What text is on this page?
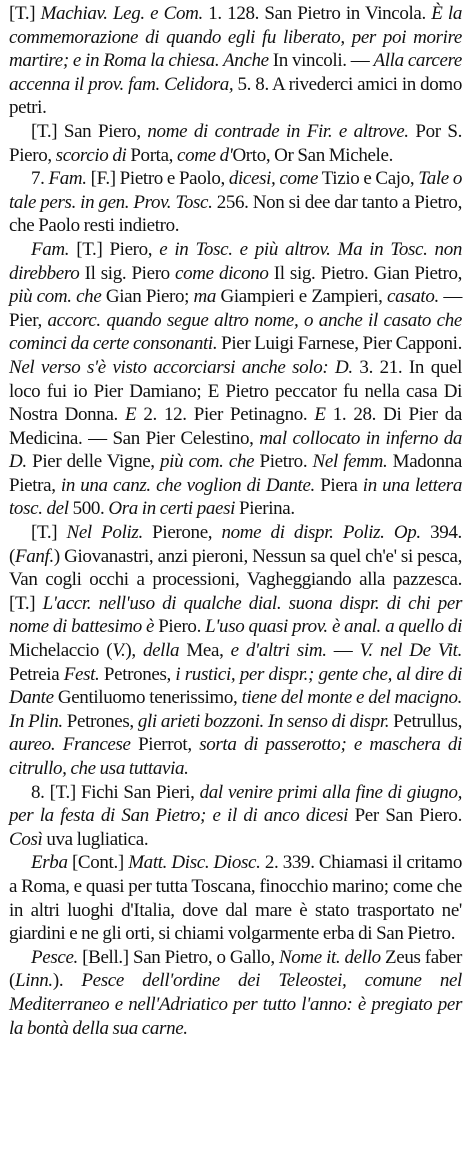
[T.] Machiav. Leg. e Com. 1. 128. San Pietro in Vincola. È la commemorazione di quando egli fu liberato, per poi morire martire; e in Roma la chiesa. Anche In vincoli. — Alla carcere accenna il prov. fam. Celidora, 5. 8. A rivederci amici in domo petri.

[T.] San Piero, nome di contrade in Fir. e altrove. Por S. Piero, scorcio di Porta, come d'Orto, Or San Michele.

7. Fam. [F.] Pietro e Paolo, dicesi, come Tizio e Cajo, Tale o tale pers. in gen. Prov. Tosc. 256. Non si dee dar tanto a Pietro, che Paolo resti indietro.

Fam. [T.] Piero, e in Tosc. e più altrov. Ma in Tosc. non direbbero Il sig. Piero come dicono Il sig. Pietro. Gian Pietro, più com. che Gian Piero; ma Giampieri e Zampieri, casato. — Pier, accorc. quando segue altro nome, o anche il casato che cominci da certe consonanti. Pier Luigi Farnese, Pier Capponi. Nel verso s'è visto accorciarsi anche solo: D. 3. 21. In quel loco fui io Pier Damiano; E Pietro peccator fu nella casa Di Nostra Donna. E 2. 12. Pier Petinagno. E 1. 28. Di Pier da Medicina. — San Pier Celestino, mal collocato in inferno da D. Pier delle Vigne, più com. che Pietro. Nel femm. Madonna Pietra, in una canz. che voglion di Dante. Piera in una lettera tosc. del 500. Ora in certi paesi Pierina.

[T.] Nel Poliz. Pierone, nome di dispr. Poliz. Op. 394. (Fanf.) Giovanastri, anzi pieroni, Nessun sa quel ch'e' si pesca, Van cogli occhi a processioni, Vagheggiando alla pazzesca. [T.] L'accr. nell'uso di qualche dial. suona dispr. di chi per nome di battesimo è Piero. L'uso quasi prov. è anal. a quello di Michelaccio (V.), della Mea, e d'altri sim. — V. nel De Vit. Petreia Fest. Petrones, i rustici, per dispr.; gente che, al dire di Dante Gentiluomo tenerissimo, tiene del monte e del macigno. In Plin. Petrones, gli arieti bozzoni. In senso di dispr. Petrullus, aureo. Francese Pierrot, sorta di passerotto; e maschera di citrullo, che usa tuttavia.

8. [T.] Fichi San Pieri, dal venire primi alla fine di giugno, per la festa di San Pietro; e il di anco dicesi Per San Piero. Così uva lugliatica.

Erba [Cont.] Matt. Disc. Diosc. 2. 339. Chiamasi il critamo a Roma, e quasi per tutta Toscana, finocchio marino; come che in altri luoghi d'Italia, dove dal mare è stato trasportato ne' giardini e ne gli orti, si chiami volgarmente erba di San Pietro.

Pesce. [Bell.] San Pietro, o Gallo, Nome it. dello Zeus faber (Linn.). Pesce dell'ordine dei Teleostei, comune nel Mediterraneo e nell'Adriatico per tutto l'anno: è pregiato per la bontà della sua carne.
